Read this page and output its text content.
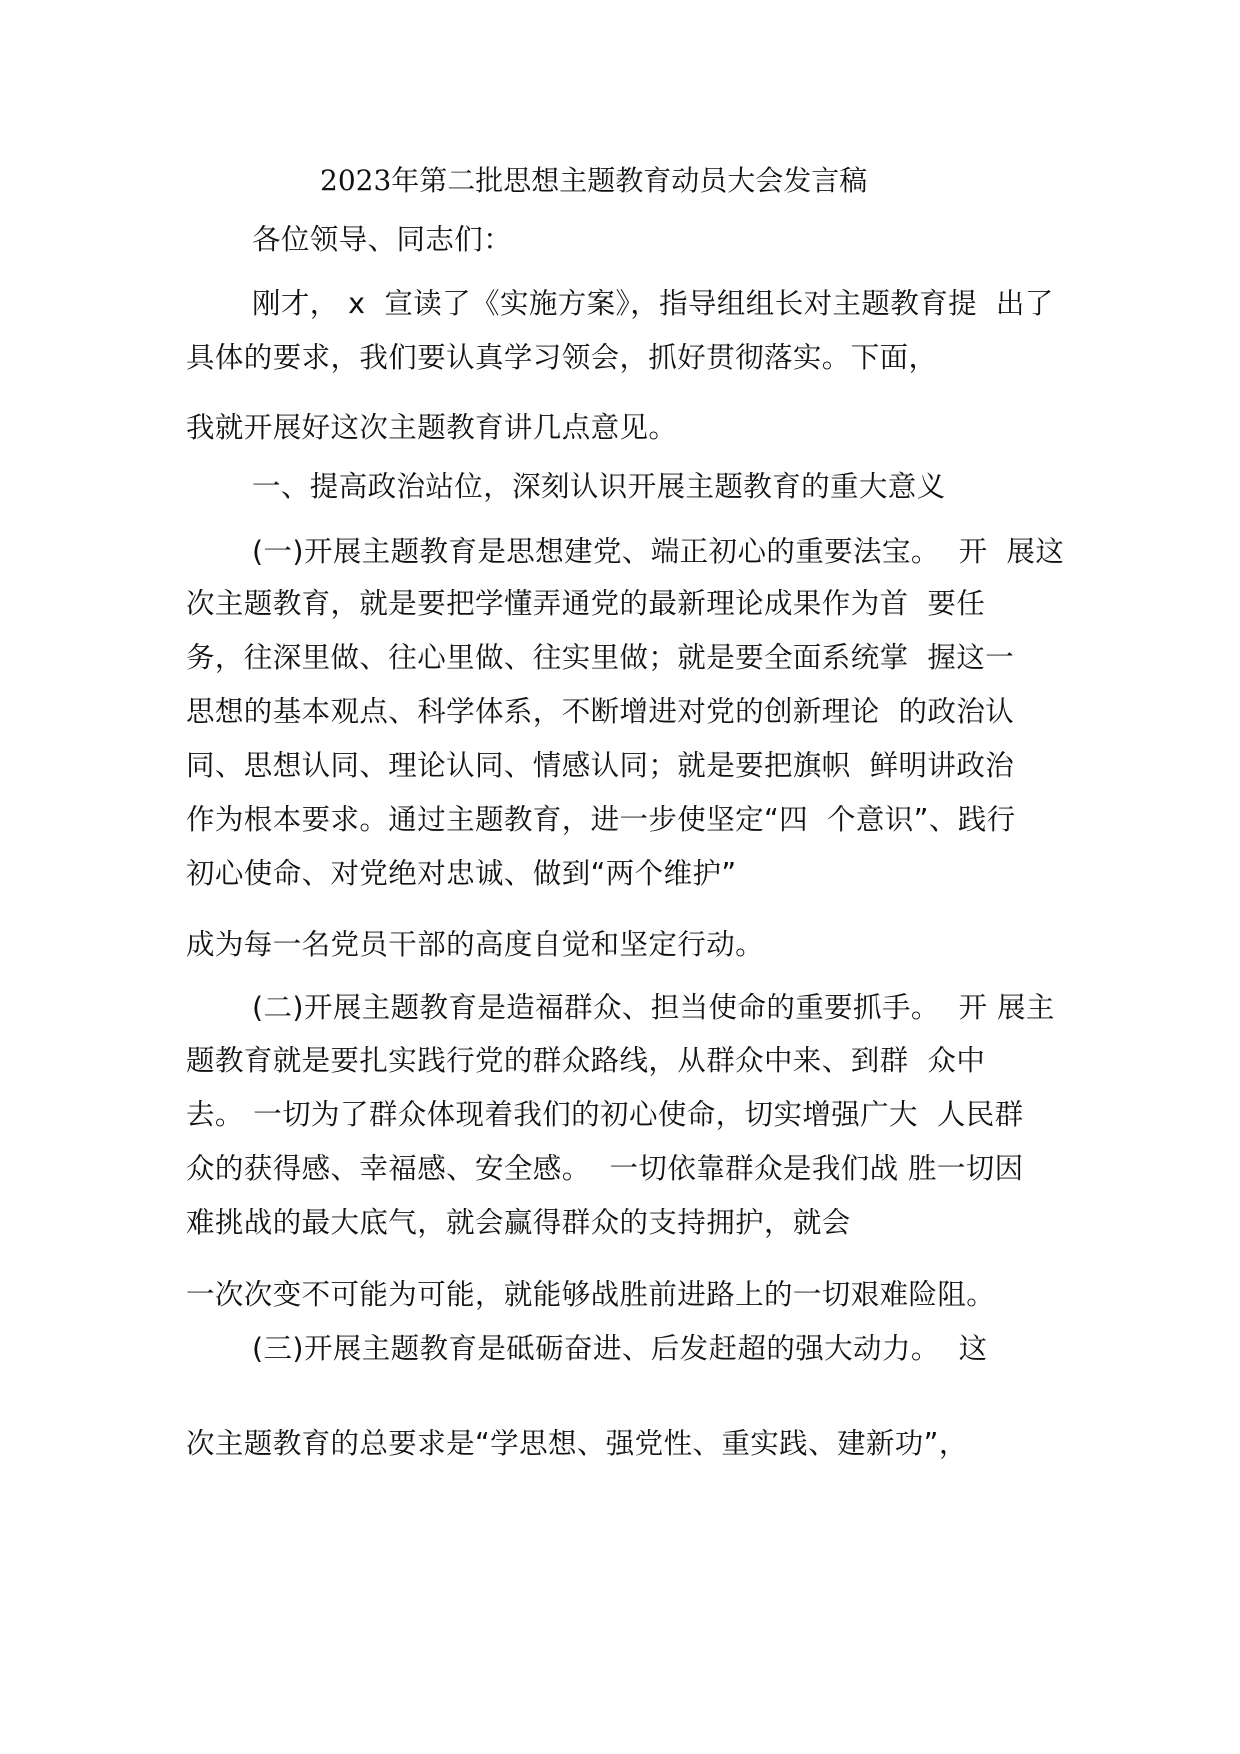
2023年第二批思想主题教育动员大会发言稿
各位领导、同志们：
刚才， x  宣读了《实施方案》，指导组组长对主题教育提  出了
具体的要求，我们要认真学习领会，抓好贯彻落实。下面，
我就开展好这次主题教育讲几点意见。
一、提高政治站位，深刻认识开展主题教育的重大意义
(一)开展主题教育是思想建党、端正初心的重要法宝。  开  展这
次主题教育，就是要把学懂弄通党的最新理论成果作为首  要任
务，往深里做、往心里做、往实里做；就是要全面系统掌  握这一
思想的基本观点、科学体系，不断增进对党的创新理论  的政治认
同、思想认同、理论认同、情感认同；就是要把旗帜  鲜明讲政治
作为根本要求。通过主题教育，进一步使坚定“四  个意识”、践行
初心使命、对党绝对忠诚、做到“两个维护”
成为每一名党员干部的高度自觉和坚定行动。
(二)开展主题教育是造福群众、担当使命的重要抓手。  开 展主
题教育就是要扎实践行党的群众路线，从群众中来、到群  众中
去。 一切为了群众体现着我们的初心使命，切实增强广大  人民群
众的获得感、幸福感、安全感。  一切依靠群众是我们战 胜一切因
难挑战的最大底气，就会赢得群众的支持拥护，就会
一次次变不可能为可能，就能够战胜前进路上的一切艰难险阻。
(三)开展主题教育是砥砺奋进、后发赶超的强大动力。  这
次主题教育的总要求是“学思想、强党性、重实践、建新功”，
